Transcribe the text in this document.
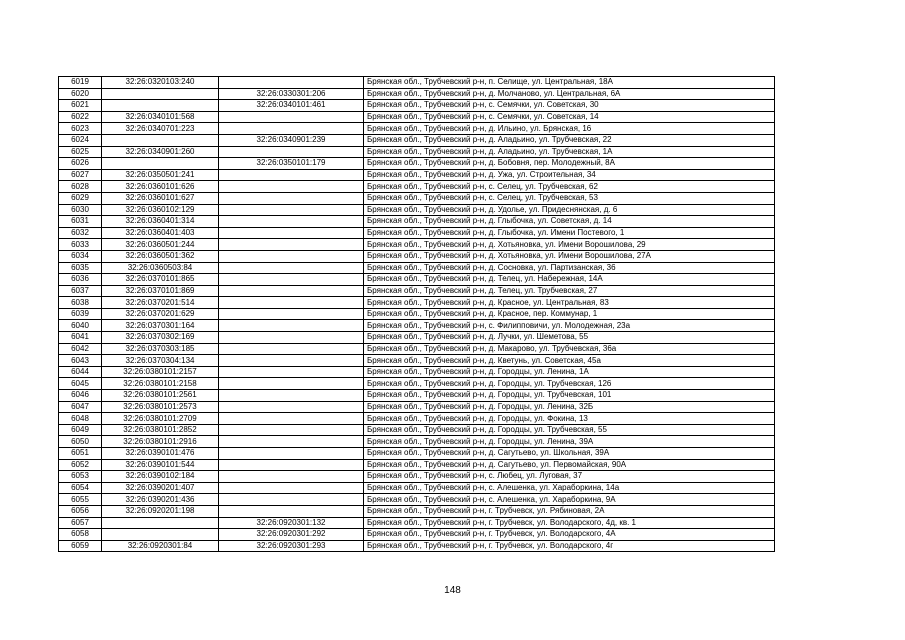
6019	32:26:0320103:240		Брянская обл., Трубчевский р-н, п. Селище, ул. Центральная, 18А
6020		32:26:0330301:206	Брянская обл., Трубчевский р-н, д. Молчаново, ул. Центральная, 6А
6021		32:26:0340101:461	Брянская обл., Трубчевский р-н, с. Семячки, ул. Советская, 30
6022	32:26:0340101:568		Брянская обл., Трубчевский р-н, с. Семячки, ул. Советская, 14
6023	32:26:0340701:223		Брянская обл., Трубчевский р-н, д. Ильино, ул. Брянская, 16
6024		32:26:0340901:239	Брянская обл., Трубчевский р-н, д. Аладьино, ул. Трубчевская, 22
6025	32:26:0340901:260		Брянская обл., Трубчевский р-н, д. Аладьино, ул. Трубчевская, 1А
6026		32:26:0350101:179	Брянская обл., Трубчевский р-н, д. Бобовня, пер. Молодежный, 8А
6027	32:26:0350501:241		Брянская обл., Трубчевский р-н, д. Ужа, ул. Строительная, 34
6028	32:26:0360101:626		Брянская обл., Трубчевский р-н, с. Селец, ул. Трубчевская, 62
6029	32:26:0360101:627		Брянская обл., Трубчевский р-н, с. Селец, ул. Трубчевская, 53
6030	32:26:0360102:129		Брянская обл., Трубчевский р-н, д. Удолье, ул. Придеснянская, д. 6
6031	32:26:0360401:314		Брянская обл., Трубчевский р-н, д. Глыбочка, ул. Советская, д. 14
6032	32:26:0360401:403		Брянская обл., Трубчевский р-н, д. Глыбочка, ул. Имени Постевого, 1
6033	32:26:0360501:244		Брянская обл., Трубчевский р-н, д. Хотьяновка, ул. Имени Ворошилова, 29
6034	32:26:0360501:362		Брянская обл., Трубчевский р-н, д. Хотьяновка, ул. Имени Ворошилова, 27А
6035	32:26:0360503:84		Брянская обл., Трубчевский р-н, д. Сосновка, ул. Партизанская, 36
6036	32:26:0370101:865		Брянская обл., Трубчевский р-н, д. Телец, ул. Набережная, 14А
6037	32:26:0370101:869		Брянская обл., Трубчевский р-н, д. Телец, ул. Трубчевская, 27
6038	32:26:0370201:514		Брянская обл., Трубчевский р-н, д. Красное, ул. Центральная, 83
6039	32:26:0370201:629		Брянская обл., Трубчевский р-н, д. Красное, пер. Коммунар, 1
6040	32:26:0370301:164		Брянская обл., Трубчевский р-н, с. Филипповичи, ул. Молодежная, 23а
6041	32:26:0370302:169		Брянская обл., Трубчевский р-н, д. Лучки, ул. Шеметова, 55
6042	32:26:0370303:185		Брянская обл., Трубчевский р-н, д. Макарово, ул. Трубчевская, 36а
6043	32:26:0370304:134		Брянская обл., Трубчевский р-н, д. Кветунь, ул. Советская, 45а
6044	32:26:0380101:2157		Брянская обл., Трубчевский р-н, д. Городцы, ул. Ленина, 1А
6045	32:26:0380101:2158		Брянская обл., Трубчевский р-н, д. Городцы, ул. Трубчевская, 126
6046	32:26:0380101:2561		Брянская обл., Трубчевский р-н, д. Городцы, ул. Трубчевская, 101
6047	32:26:0380101:2573		Брянская обл., Трубчевский р-н, д. Городцы, ул. Ленина, 32Б
6048	32:26:0380101:2709		Брянская обл., Трубчевский р-н, д. Городцы, ул. Фокина, 13
6049	32:26:0380101:2852		Брянская обл., Трубчевский р-н, д. Городцы, ул. Трубчевская, 55
6050	32:26:0380101:2916		Брянская обл., Трубчевский р-н, д. Городцы, ул. Ленина, 39А
6051	32:26:0390101:476		Брянская обл., Трубчевский р-н, д. Сагутьево, ул. Школьная, 39А
6052	32:26:0390101:544		Брянская обл., Трубчевский р-н, д. Сагутьево, ул. Первомайская, 90А
6053	32:26:0390102:184		Брянская обл., Трубчевский р-н, с. Любец, ул. Луговая, 37
6054	32:26:0390201:407		Брянская обл., Трубчевский р-н, с. Алешенка, ул. Хараборкина, 14а
6055	32:26:0390201:436		Брянская обл., Трубчевский р-н, с. Алешенка, ул. Хараборкина, 9А
6056	32:26:0920201:198		Брянская обл., Трубчевский р-н, г. Трубчевск, ул. Рябиновая, 2А
6057		32:26:0920301:132	Брянская обл., Трубчевский р-н, г. Трубчевск, ул. Володарского, 4д, кв. 1
6058		32:26:0920301:292	Брянская обл., Трубчевский р-н, г. Трубчевск, ул. Володарского, 4А
6059	32:26:0920301:84	32:26:0920301:293	Брянская обл., Трубчевский р-н, г. Трубчевск, ул. Володарского, 4г
148
